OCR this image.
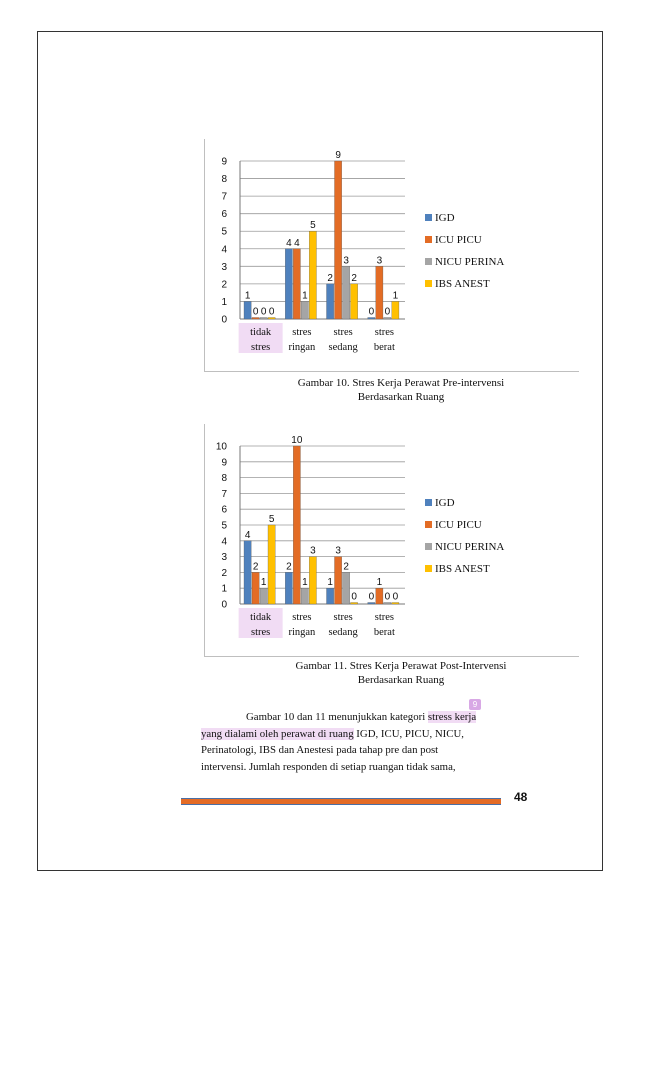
0
1
2
3
4
5
6
7
8
9
1
4
2
0
0
4
9
3
0
1
3
0
0
5
2
1
tidak
stres
stres
ringan
stres
sedang
stres
berat
IGD
ICU PICU
NICU PERINA
IBS ANEST
Gambar 10. Stres Kerja Perawat Pre-intervensi
Berdasarkan Ruang
0
1
2
3
4
5
6
7
8
9
10
4
2
1
0
2
10
3
1
1	1
2
0
5
3
0	0
tidak
stres
stres
ringan
stres
sedang
stres
berat
IGD
ICU PICU
NICU PERINA
IBS ANEST
Gambar 11. Stres Kerja Perawat Post-Intervensi
Berdasarkan Ruang
Gambar 10 dan 11 menunjukkan kategori
9
stress kerja
yang dialami oleh perawat di ruang IGD, ICU, PICU, NICU,
Perinatologi, IBS dan Anestesi pada tahap pre dan post
intervensi. Jumlah responden di setiap ruangan tidak sama,
48
